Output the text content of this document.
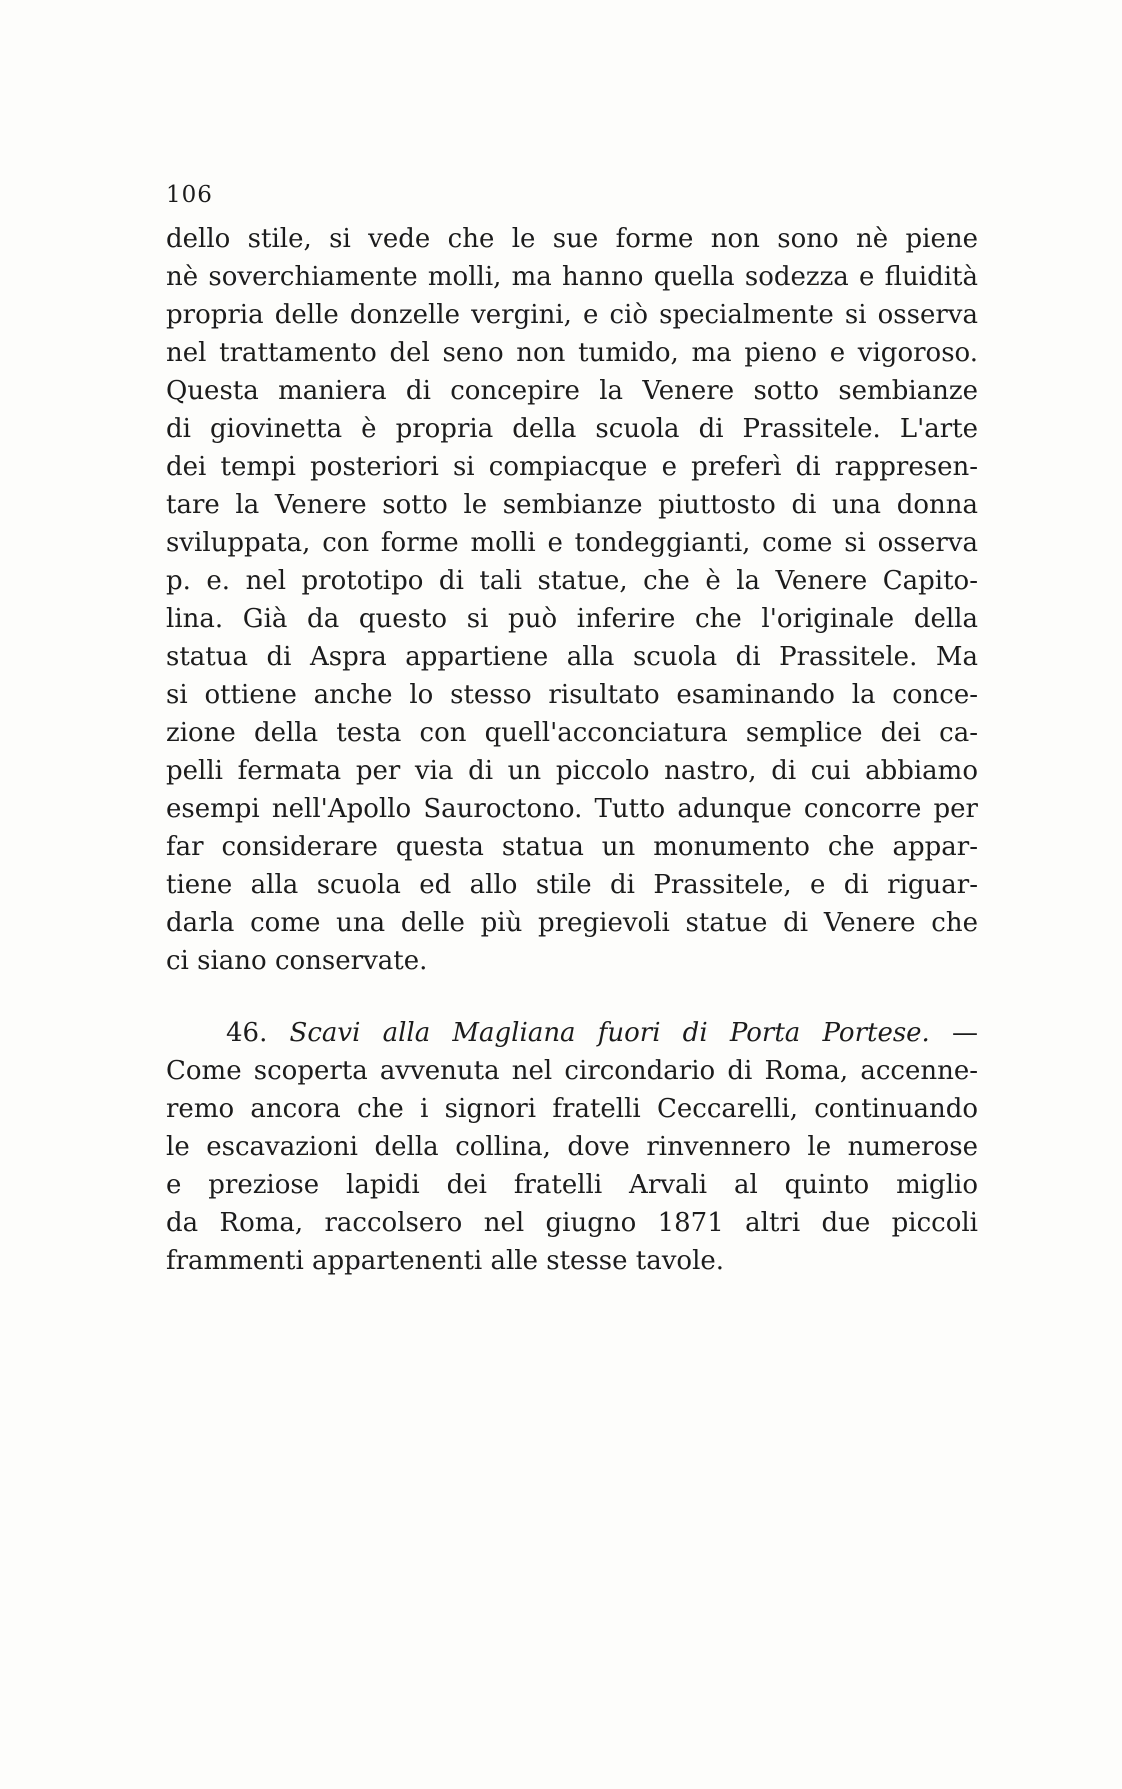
106
dello stile, si vede che le sue forme non sono nè piene
nè soverchiamente molli, ma hanno quella sodezza e fluidità
propria delle donzelle vergini, e ciò specialmente si osserva
nel trattamento del seno non tumido, ma pieno e vigoroso.
Questa maniera di concepire la Venere sotto sembianze
di giovinetta è propria della scuola di Prassitele. L'arte
dei tempi posteriori si compiacque e preferì di rappresen-
tare la Venere sotto le sembianze piuttosto di una donna
sviluppata, con forme molli e tondeggianti, come si osserva
p. e. nel prototipo di tali statue, che è la Venere Capito-
lina. Già da questo si può inferire che l'originale della
statua di Aspra appartiene alla scuola di Prassitele. Ma
si ottiene anche lo stesso risultato esaminando la conce-
zione della testa con quell'acconciatura semplice dei ca-
pelli fermata per via di un piccolo nastro, di cui abbiamo
esempi nell'Apollo Sauroctono. Tutto adunque concorre per
far considerare questa statua un monumento che appar-
tiene alla scuola ed allo stile di Prassitele, e di riguar-
darla come una delle più pregievoli statue di Venere che
ci siano conservate.
46. Scavi alla Magliana fuori di Porta Portese. —
Come scoperta avvenuta nel circondario di Roma, accenne-
remo ancora che i signori fratelli Ceccarelli, continuando
le escavazioni della collina, dove rinvennero le numerose
e preziose lapidi dei fratelli Arvali al quinto miglio
da Roma, raccolsero nel giugno 1871 altri due piccoli
frammenti appartenenti alle stesse tavole.
